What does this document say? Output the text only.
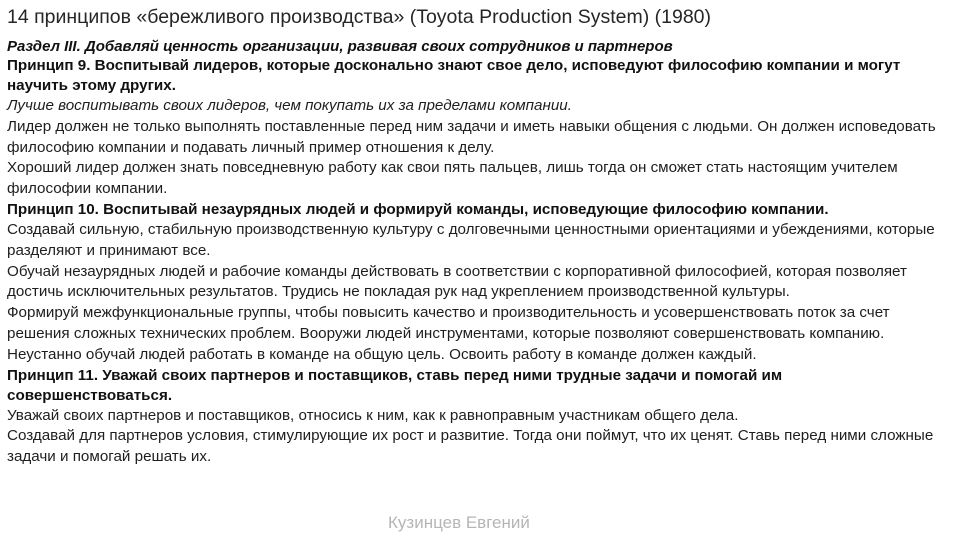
14 принципов «бережливого производства» (Toyota Production System) (1980)
Раздел III. Добавляй ценность организации, развивая своих сотрудников и партнеров
Принцип 9. Воспитывай лидеров, которые досконально знают свое дело, исповедуют философию компании и могут научить этому других.
Лучше воспитывать своих лидеров, чем покупать их за пределами компании.
Лидер должен не только выполнять поставленные перед ним задачи и иметь навыки общения с людьми. Он должен исповедовать философию компании и подавать личный пример отношения к делу.
Хороший лидер должен знать повседневную работу как свои пять пальцев, лишь тогда он сможет стать настоящим учителем философии компании.
Принцип 10. Воспитывай незаурядных людей и формируй команды, исповедующие философию компании.
Создавай сильную, стабильную производственную культуру с долговечными ценностными ориентациями и убеждениями, которые разделяют и принимают все.
Обучай незаурядных людей и рабочие команды действовать в соответствии с корпоративной философией, которая позволяет достичь исключительных результатов. Трудись не покладая рук над укреплением производственной культуры.
Формируй межфункциональные группы, чтобы повысить качество и производительность и усовершенствовать поток за счет решения сложных технических проблем. Вооружи людей инструментами, которые позволяют совершенствовать компанию.
Неустанно обучай людей работать в команде на общую цель. Освоить работу в команде должен каждый.
Принцип 11. Уважай своих партнеров и поставщиков, ставь перед ними трудные задачи и помогай им совершенствоваться.
Уважай своих партнеров и поставщиков, относись к ним, как к равноправным участникам общего дела.
Создавай для партнеров условия, стимулирующие их рост и развитие. Тогда они поймут, что их ценят. Ставь перед ними сложные задачи и помогай решать их.
Кузинцев Евгений
